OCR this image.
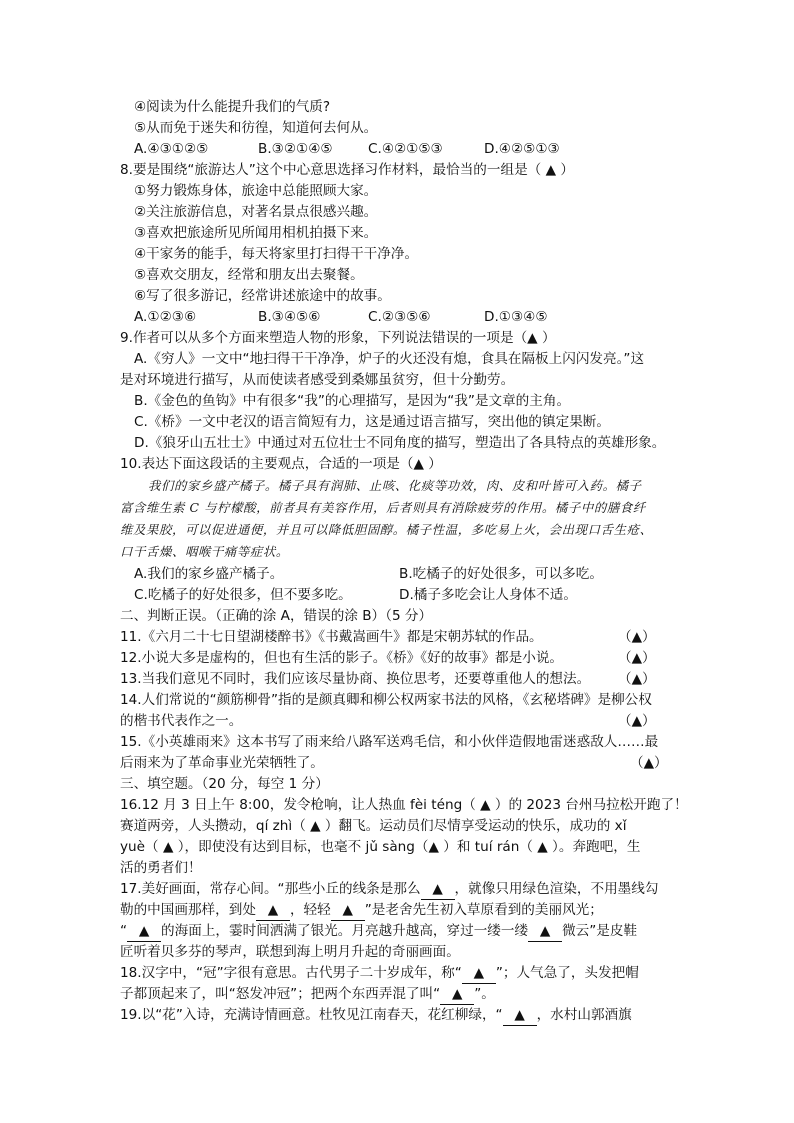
④阅读为什么能提升我们的气质?
⑤从而免于迷失和彷徨，知道何去何从。
A.④③①②⑤	B.③②①④⑤	C.④②①⑤③	D.④②⑤①③
8.要是围绕“旅游达人”这个中心意思选择习作材料，最恰当的一组是（ ▲ ）
①努力锻炼身体，旅途中总能照顾大家。
②关注旅游信息，对著名景点很感兴趣。
③喜欢把旅途所见所闻用相机拍摄下来。
④干家务的能手，每天将家里打扫得干干净净。
⑤喜欢交朋友，经常和朋友出去聚餐。
⑥写了很多游记，经常讲述旅途中的故事。
A.①②③⑥	B.③④⑤⑥	C.②③⑤⑥	D.①③④⑤
9.作者可以从多个方面来塑造人物的形象，下列说法错误的一项是（▲ ）
A.《穷人》一文中“地扫得干干净净，炉子的火还没有熄，食具在隔板上闪闪发亮。”这
是对环境进行描写，从而使读者感受到桑娜虽贫穷，但十分勤劳。
B.《金色的鱼钩》中有很多“我”的心理描写，是因为“我”是文章的主角。
C.《桥》一文中老汉的语言简短有力，这是通过语言描写，突出他的镇定果断。
D.《狼牙山五壮士》中通过对五位壮士不同角度的描写，塑造出了各具特点的英雄形象。
10.表达下面这段话的主要观点，合适的一项是（▲ ）
我们的家乡盛产橘子。橘子具有润肺、止咳、化痰等功效，肉、皮和叶皆可入药。橘子
富含维生素 C 与柠檬酸，前者具有美容作用，后者则具有消除疲劳的作用。橘子中的膳食纤
维及果胶，可以促进通便，并且可以降低胆固醇。橘子性温，多吃易上火，会出现口舌生疮、
口干舌燥、咽喉干痛等症状。
A.我们的家乡盛产橘子。	B.吃橘子的好处很多，可以多吃。
C.吃橘子的好处很多，但不要多吃。	D.橘子多吃会让人身体不适。
二、判断正误。（正确的涂 A，错误的涂 B）（5 分）
11.《六月二十七日望湖楼醉书》《书戴嵩画牛》都是宋朝苏轼的作品。	（▲）
12.小说大多是虚构的，但也有生活的影子。《桥》《好的故事》都是小说。	（▲）
13.当我们意见不同时，我们应该尽量协商、换位思考，还要尊重他人的想法。 （▲）
14.人们常说的“颜筋柳骨”指的是颜真卿和柳公权两家书法的风格，《玄秘塔碑》是柳公权
的楷书代表作之一。	（▲）
15.《小英雄雨来》这本书写了雨来给八路军送鸡毛信，和小伙伴造假地雷迷惑敌人……最
后雨来为了革命事业光荣牺牲了。	（▲）
三、填空题。（20 分，每空 1 分）
16.12 月 3 日上午 8:00，发令枪响，让人热血 fèi téng（ ▲ ）的 2023 台州马拉松开跑了！
赛道两旁，人头攒动，qí zhì（ ▲ ）翻飞。运动员们尽情享受运动的快乐，成功的 xǐ
yuè（ ▲ ），即使没有达到目标，也毫不 jǔ sàng（▲ ）和 tuí rán（ ▲ ）。奔跑吧，生
活的勇者们！
17.美好画面，常存心间。“那些小丘的线条是那么 ▲ ，就像只用绿色渲染，不用墨线勾
勒的中国画那样，到处 ▲ ，轻轻 ▲ ”是老舍先生初入草原看到的美丽风光；
“ ▲ 的海面上，霎时间洒满了银光。月亮越升越高，穿过一缕一缕 ▲ 微云”是皮鞋
匠听着贝多芬的琴声，联想到海上明月升起的奇丽画面。
18.汉字中，“冠”字很有意思。古代男子二十岁成年，称“ ▲ ”；人气急了，头发把帽
子都顶起来了，叫“怒发冲冠”；把两个东西弄混了叫“ ▲ ”。
19.以“花”入诗，充满诗情画意。杜牧见江南春天，花红柳绿，“ ▲ ，水村山郭酒旗
